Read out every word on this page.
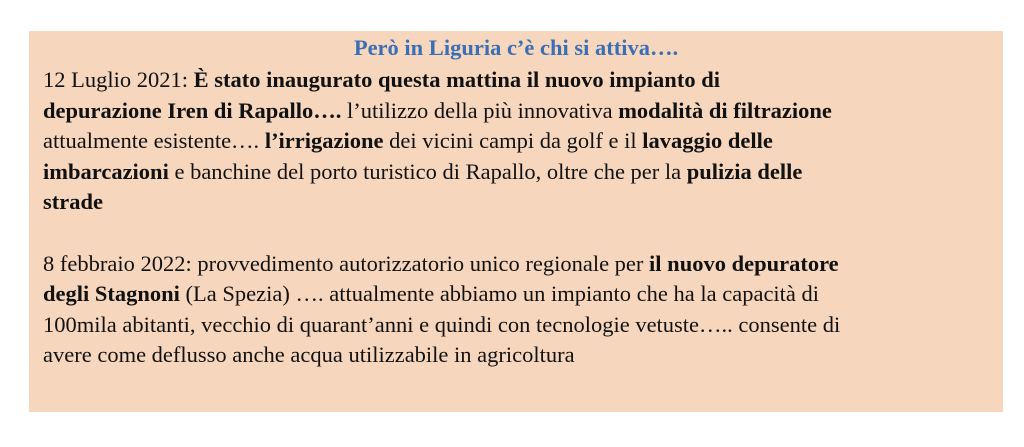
Però in Liguria c’è chi si attiva….

12 Luglio 2021: È stato inaugurato questa mattina il nuovo impianto di
depurazione Iren di Rapallo…. l’utilizzo della più innovativa modalità di filtrazione
attualmente esistente…. l’irrigazione dei vicini campi da golf e il lavaggio delle
imbarcazioni e banchine del porto turistico di Rapallo, oltre che per la pulizia delle
strade

8 febbraio 2022: provvedimento autorizzatorio unico regionale per il nuovo depuratore
degli Stagnoni (La Spezia) …. attualmente abbiamo un impianto che ha la capacità di
100mila abitanti, vecchio di quarant’anni e quindi con tecnologie vetuste….. consente di
avere come deflusso anche acqua utilizzabile in agricoltura
